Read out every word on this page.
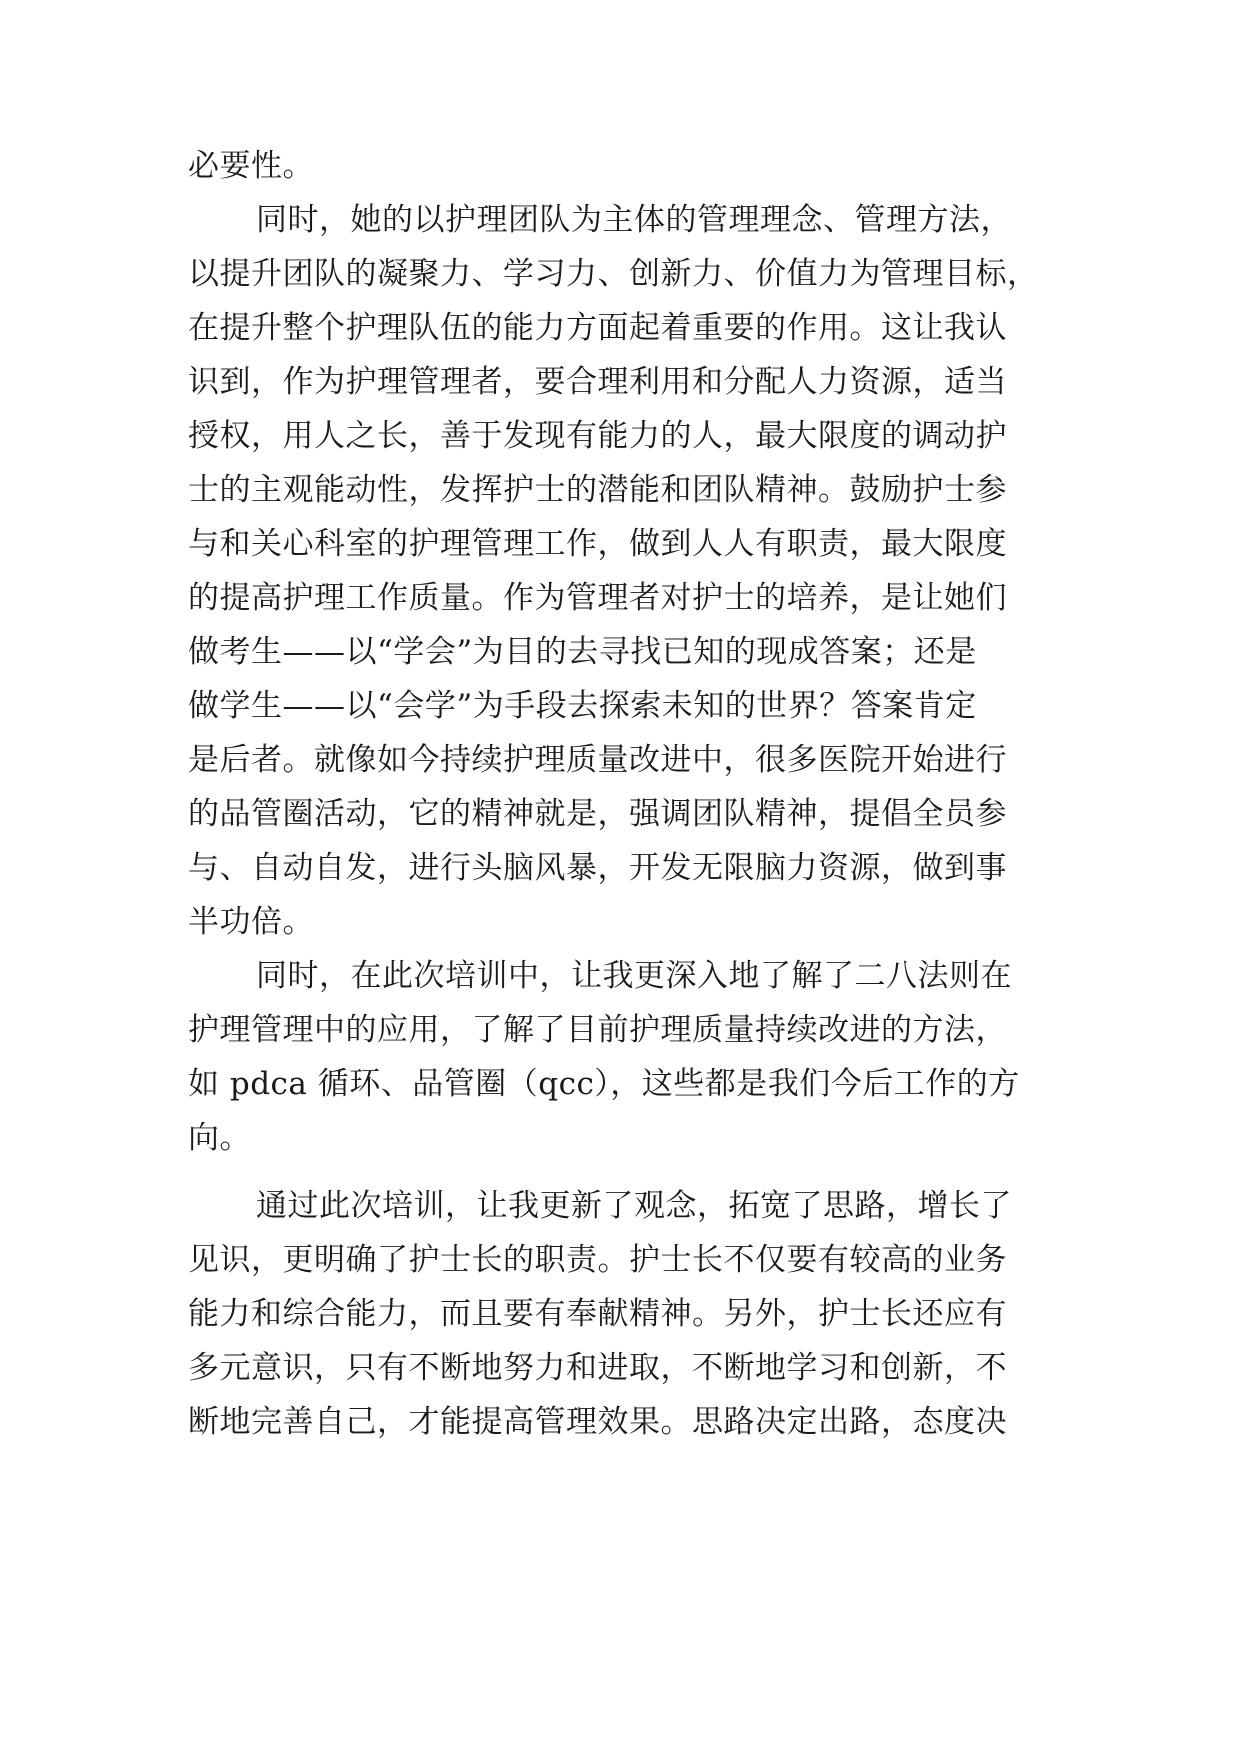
必要性。
同时，她的以护理团队为主体的管理理念、管理方法，
以提升团队的凝聚力、学习力、创新力、价值力为管理目标，
在提升整个护理队伍的能力方面起着重要的作用。这让我认
识到，作为护理管理者，要合理利用和分配人力资源，适当
授权，用人之长，善于发现有能力的人，最大限度的调动护
士的主观能动性，发挥护士的潜能和团队精神。鼓励护士参
与和关心科室的护理管理工作，做到人人有职责，最大限度
的提高护理工作质量。作为管理者对护士的培养，是让她们
做考生——以“学会”为目的去寻找已知的现成答案；还是
做学生——以“会学”为手段去探索未知的世界？答案肯定
是后者。就像如今持续护理质量改进中，很多医院开始进行
的品管圈活动，它的精神就是，强调团队精神，提倡全员参
与、自动自发，进行头脑风暴，开发无限脑力资源，做到事
半功倍。
同时，在此次培训中，让我更深入地了解了二八法则在
护理管理中的应用，了解了目前护理质量持续改进的方法，
如 pdca 循环、品管圈（qcc），这些都是我们今后工作的方
向。
通过此次培训，让我更新了观念，拓宽了思路，增长了
见识，更明确了护士长的职责。护士长不仅要有较高的业务
能力和综合能力，而且要有奉献精神。另外，护士长还应有
多元意识，只有不断地努力和进取，不断地学习和创新，不
断地完善自己，才能提高管理效果。思路决定出路，态度决
